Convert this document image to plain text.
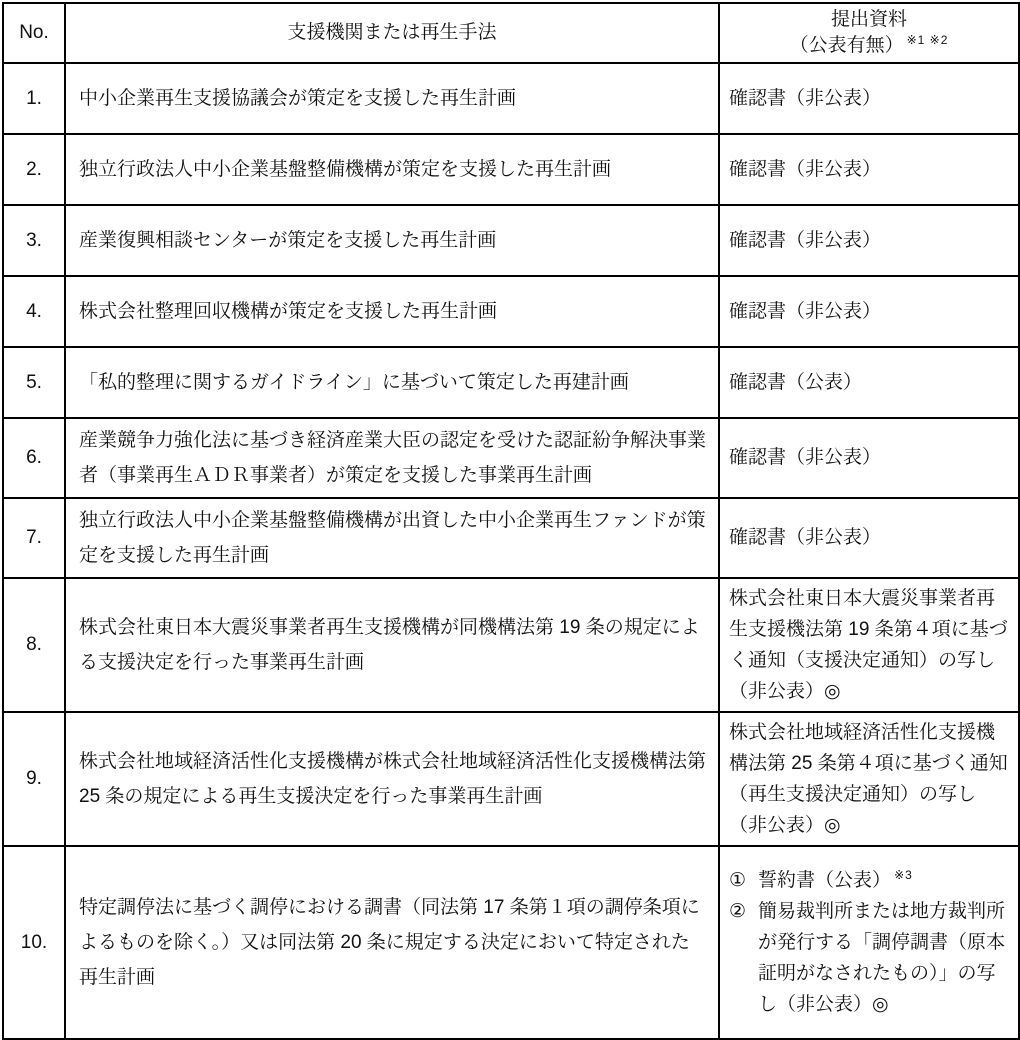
No.	支援機関または再生手法	提出資料
（公表有無） $^{※1 ※2}$

1.	中小企業再生支援協議会が策定を支援した再生計画	確認書（非公表）
2.	独立行政法人中小企業基盤整備機構が策定を支援した再生計画	確認書（非公表）
3.	産業復興相談センターが策定を支援した再生計画	確認書（非公表）
4.	株式会社整理回収機構が策定を支援した再生計画	確認書（非公表）
5.	「私的整理に関するガイドライン」に基づいて策定した再建計画	確認書（公表）
6.	産業競争力強化法に基づき経済産業大臣の認定を受けた認証紛争解決事業者（事業再生ＡＤＲ事業者）が策定を支援した事業再生計画	確認書（非公表）
7.	独立行政法人中小企業基盤整備機構が出資した中小企業再生ファンドが策定を支援した再生計画	確認書（非公表）
8.	株式会社東日本大震災事業者再生支援機構が同機構法第 19 条の規定による支援決定を行った事業再生計画	株式会社東日本大震災事業者再生支援機法第 19 条第４項に基づく通知（支援決定通知）の写し（非公表）◎
9.	株式会社地域経済活性化支援機構が株式会社地域経済活性化支援機構法第 25 条の規定による再生支援決定を行った事業再生計画	株式会社地域経済活性化支援機構法第 25 条第４項に基づく通知（再生支援決定通知）の写し（非公表）◎
10.	特定調停法に基づく調停における調書（同法第 17 条第１項の調停条項によるものを除く。）又は同法第 20 条に規定する決定において特定された再生計画	① 誓約書（公表） $^{※3}$
② 簡易裁判所または地方裁判所が発行する「調停調書（原本証明がなされたもの）」の写し（非公表）◎
